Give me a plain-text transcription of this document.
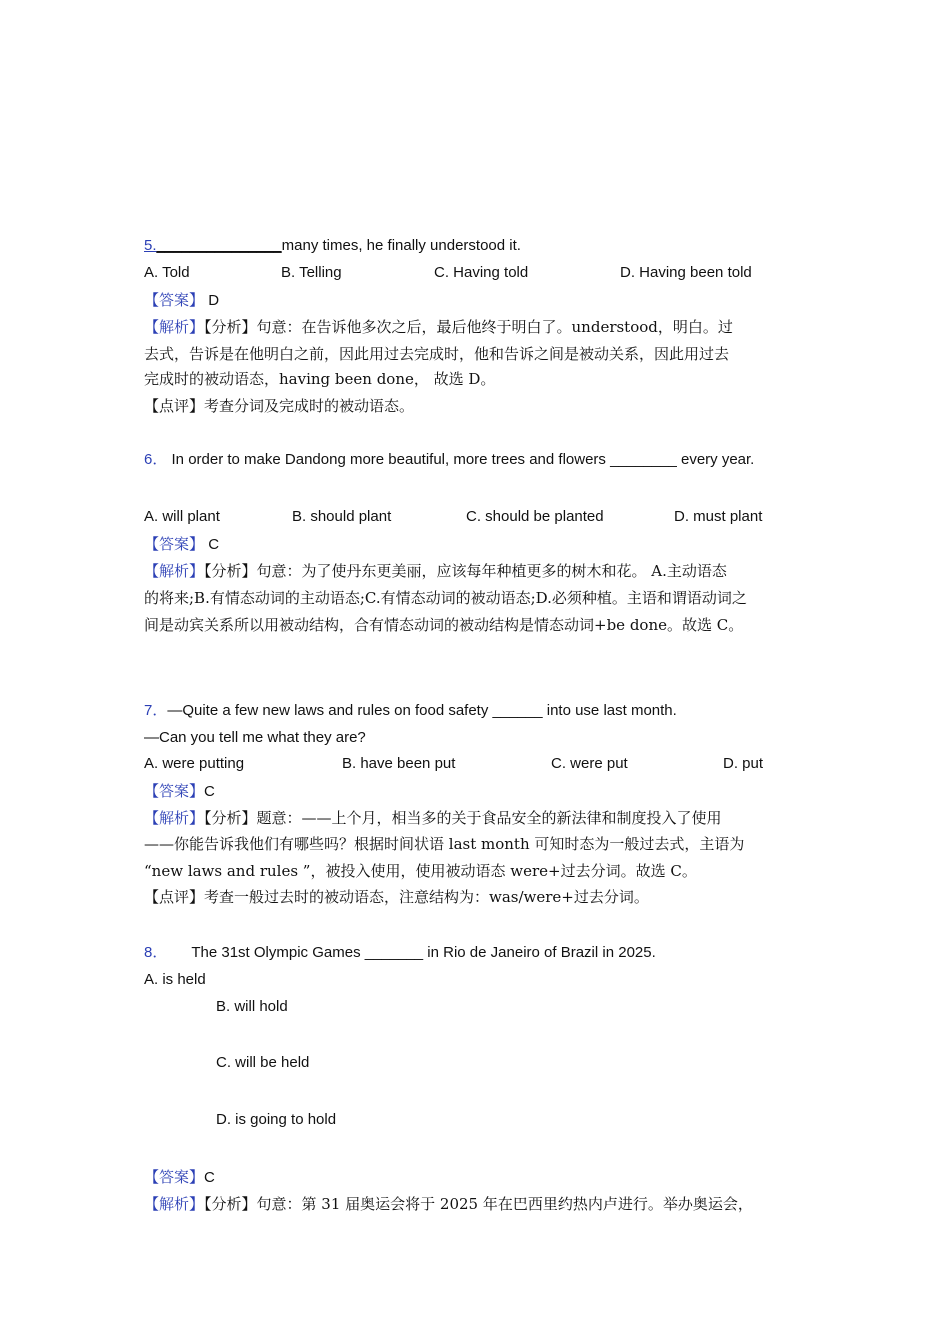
5._______________many times, he finally understood it.
A. Told	B. Telling	C. Having told	D. Having been told
【答案】 D
【解析】【分析】句意：在告诉他多次之后，最后他终于明白了。understood，明白。过
去式，告诉是在他明白之前，因此用过去完成时，他和告诉之间是被动关系，因此用过去
完成时的被动语态，having been done， 故选 D。
【点评】考查分词及完成时的被动语态。
6． In order to make Dandong more beautiful, more trees and flowers ________ every year.
A. will plant	B. should plant	C. should be planted	D. must plant
【答案】 C
【解析】【分析】句意：为了使丹东更美丽，应该每年种植更多的树木和花。 A.主动语态
的将来;B.有情态动词的主动语态;C.有情态动词的被动语态;D.必须种植。主语和谓语动词之
间是动宾关系所以用被动结构，合有情态动词的被动结构是情态动词+be done。故选 C。
7．—Quite a few new laws and rules on food safety ______ into use last month.
—Can you tell me what they are?
A. were putting	B. have been put	C. were put	D. put
【答案】C
【解析】【分析】题意：——上个月，相当多的关于食品安全的新法律和制度投入了使用
——你能告诉我他们有哪些吗？根据时间状语 last month 可知时态为一般过去式，主语为
“new laws and rules ”，被投入使用，使用被动语态 were+过去分词。故选 C。
【点评】考查一般过去时的被动语态，注意结构为：was/were+过去分词。
8． The 31st Olympic Games _______ in Rio de Janeiro of Brazil in 2025.
A. is held
B. will hold
C. will be held
D. is going to hold
【答案】C
【解析】【分析】句意：第 31 届奥运会将于 2025 年在巴西里约热内卢进行。举办奥运会，
